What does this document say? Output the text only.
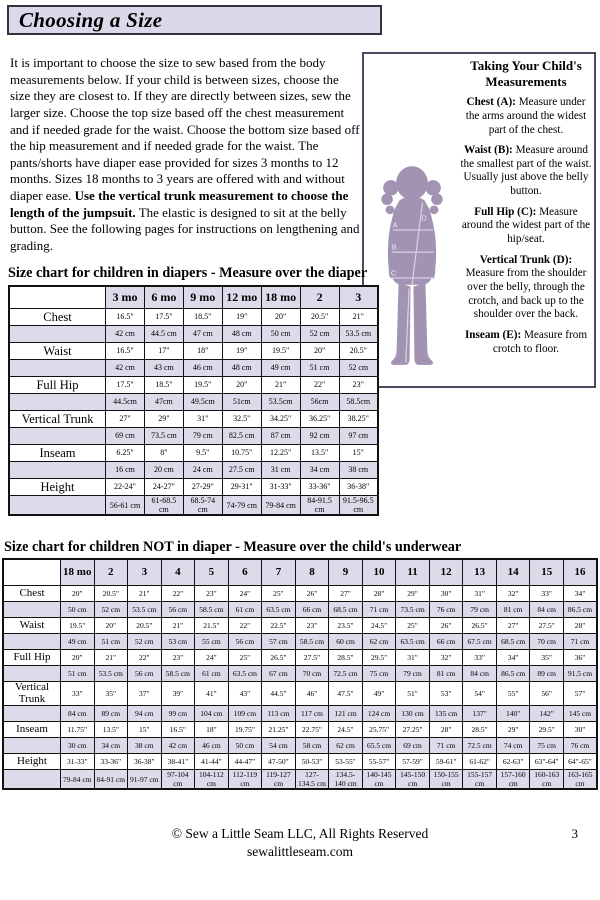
Choosing a Size

It is important to choose the size to sew based from the body measurements below. If your child is between sizes, choose the size they are closest to. If they are directly between sizes, sew the larger size. Choose the top size based off the chest measurement and if needed grade for the waist. Choose the bottom size based off the hip measurement and if needed grade for the waist. The pants/shorts have diaper ease provided for sizes 3 months to 12 months. Sizes 18 months to 3 years are offered with and without diaper ease. Use the vertical trunk measurement to choose the length of the jumpsuit. The elastic is designed to sit at the belly button. See the following pages for instructions on lengthening and grading.

A
B
C
D
E

Taking Your Child's Measurements

Chest (A): Measure under the arms around the widest part of the chest.

Waist (B): Measure around the smallest part of the waist. Usually just above the belly button.

Full Hip (C): Measure around the widest part of the hip/seat.

Vertical Trunk (D): Measure from the shoulder over the belly, through the crotch, and back up to the shoulder over the back.

Inseam (E): Measure from crotch to floor.

Size chart for children in diapers - Measure over the diaper
	3 mo	6 mo	9 mo	12 mo	18 mo	2	3
Chest	16.5"	17.5"	18.5"	19"	20"	20.5"	21"
	42 cm	44.5 cm	47 cm	48 cm	50 cm	52 cm	53.5 cm
Waist	16.5"	17"	18"	19"	19.5"	20"	20.5"
	42 cm	43 cm	46 cm	48 cm	49 cm	51 cm	52 cm
Full Hip	17.5"	18.5"	19.5"	20"	21"	22"	23"
	44.5cm	47cm	49.5cm	51cm	53.5cm	56cm	58.5cm
Vertical Trunk	27"	29"	31"	32.5"	34.25"	36.25"	38.25"
	69 cm	73.5 cm	79 cm	82.5 cm	87 cm	92 cm	97 cm
Inseam	6.25"	8"	9.5"	10.75"	12.25"	13.5"	15"
	16 cm	20 cm	24 cm	27.5 cm	31 cm	34 cm	38 cm
Height	22-24"	24-27"	27-29"	29-31"	31-33"	33-36"	36-38"
	56-61 cm	61-68.5 cm	68.5-74 cm	74-79 cm	79-84 cm	84-91.5 cm	91.5-96.5 cm
Size chart for children NOT in diaper - Measure over the child's underwear
	18 mo	2	3	4	5	6	7	8	9	10	11	12	13	14	15	16
Chest	20"	20.5"	21"	22"	23"	24"	25"	26"	27"	28"	29"	30"	31"	32"	33"	34"
	50 cm	52 cm	53.5 cm	56 cm	58.5 cm	61 cm	63.5 cm	66 cm	68.5 cm	71 cm	73.5 cm	76 cm	79 cm	81 cm	84 cm	86.5 cm
Waist	19.5"	20"	20.5"	21"	21.5"	22"	22.5"	23"	23.5"	24.5"	25"	26"	26.5"	27"	27.5"	28"
	49 cm	51 cm	52 cm	53 cm	55 cm	56 cm	57 cm	58.5 cm	60 cm	62 cm	63.5 cm	66 cm	67.5 cm	68.5 cm	70 cm	71 cm
Full Hip	20"	21"	22"	23"	24"	25"	26.5"	27.5"	28.5"	29.5"	31"	32"	33"	34"	35"	36"
	51 cm	53.5 cm	56 cm	58.5 cm	61 cm	63.5 cm	67 cm	70 cm	72.5 cm	75 cm	79 cm	81 cm	84 cm	86.5 cm	89 cm	91.5 cm
Vertical Trunk	33"	35"	37"	39"	41"	43"	44.5"	46"	47.5"	49"	51"	53"	54"	55"	56"	57"
	84 cm	89 cm	94 cm	99 cm	104 cm	109 cm	113 cm	117 cm	121 cm	124 cm	130 cm	135 cm	137"	140"	142"	145 cm
Inseam	11.75"	13.5"	15"	16.5"	18"	19.75"	21.25"	22.75"	24.5"	25.75"	27.25"	28"	28.5"	29"	29.5"	30"
	30 cm	34 cm	38 cm	42 cm	46 cm	50 cm	54 cm	58 cm	62 cm	65.5 cm	69 cm	71 cm	72.5 cm	74 cm	75 cm	76 cm
Height	31-33"	33-36"	36-38"	38-41"	41-44"	44-47"	47-50"	50-53"	53-55"	55-57"	57-59"	59-61"	61-62"	62-63"	63"-64"	64"-65"
	79-84 cm	84-91 cm	91-97 cm	97-104 cm	104-112 cm	112-119 cm	119-127 cm	127-134.5 cm	134.5-140 cm	140-145 cm	145-150 cm	150-155 cm	155-157 cm	157-160 cm	160-163 cm	163-165 cm
© Sew a Little Seam LLC, All Rights Reserved
sewalittleseam.com
3
